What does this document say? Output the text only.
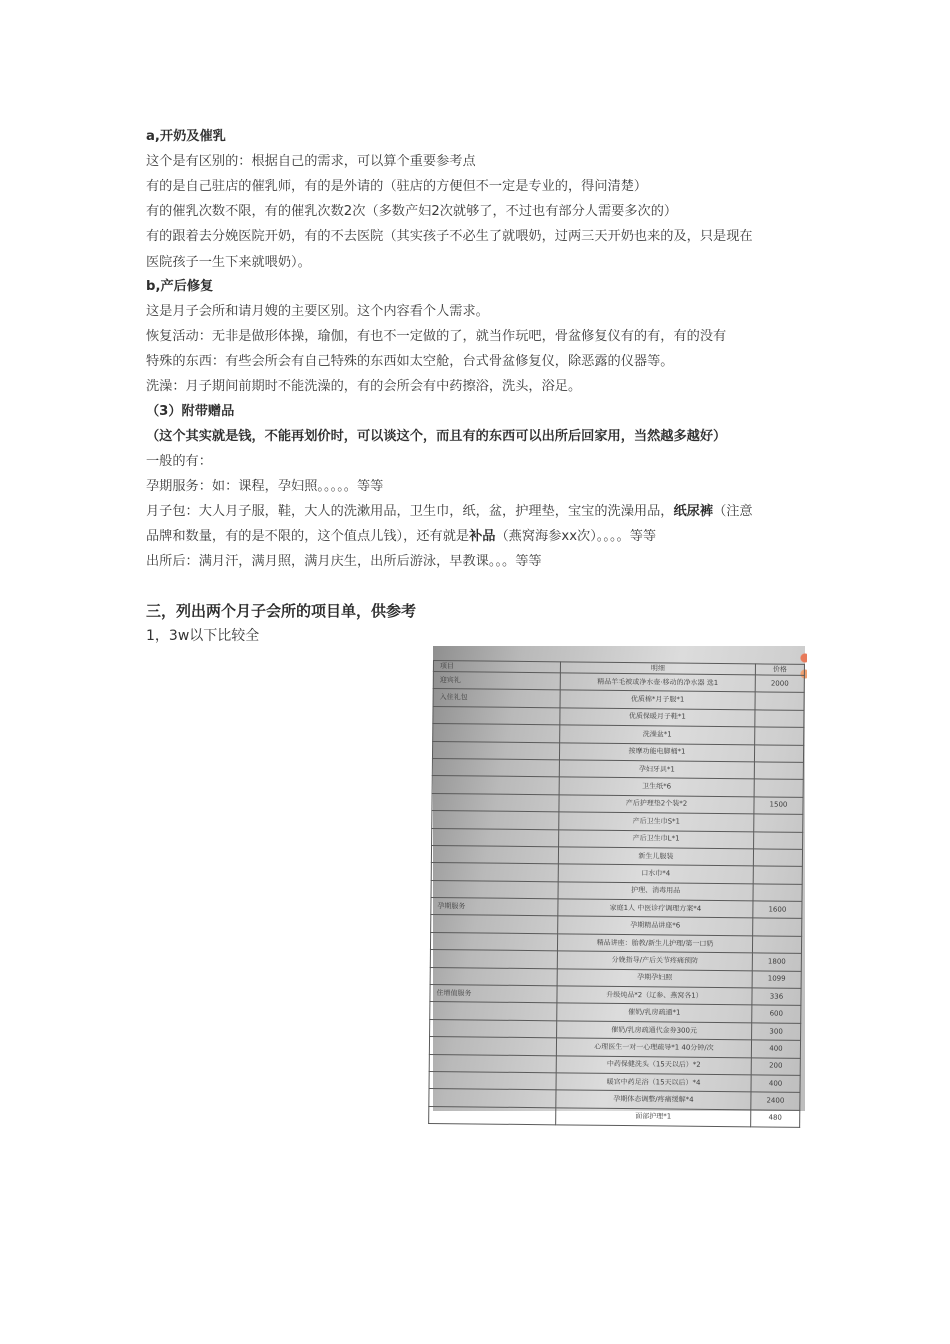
a,开奶及催乳
这个是有区别的：根据自己的需求，可以算个重要参考点
有的是自己驻店的催乳师，有的是外请的（驻店的方便但不一定是专业的，得问清楚）
有的催乳次数不限，有的催乳次数2次（多数产妇2次就够了，不过也有部分人需要多次的）
有的跟着去分娩医院开奶，有的不去医院（其实孩子不必生了就喂奶，过两三天开奶也来的及，只是现在
医院孩子一生下来就喂奶）。
b,产后修复
这是月子会所和请月嫂的主要区别。这个内容看个人需求。
恢复活动：无非是做形体操，瑜伽，有也不一定做的了，就当作玩吧，骨盆修复仪有的有，有的没有
特殊的东西：有些会所会有自己特殊的东西如太空舱，台式骨盆修复仪，除恶露的仪器等。
洗澡：月子期间前期时不能洗澡的，有的会所会有中药擦浴，洗头，浴足。
（3）附带赠品
（这个其实就是钱，不能再划价时，可以谈这个，而且有的东西可以出所后回家用，当然越多越好）
一般的有：
孕期服务：如：课程，孕妇照。。。。。等等
月子包：大人月子服，鞋，大人的洗漱用品，卫生巾，纸，盆，护理垫，宝宝的洗澡用品，纸尿裤（注意
品牌和数量，有的是不限的，这个值点儿钱），还有就是补品（燕窝海参xx次）。。。。等等
出所后：满月汗，满月照，满月庆生，出所后游泳，早教课。。。等等
三，列出两个月子会所的项目单，供参考
1，3w以下比较全
项目	明细	价格
迎宾礼	精品羊毛被或净水壶·移动的净水器 选1	2000
入住礼包	优质棉*月子服*1	
	优质保暖月子鞋*1	
	洗澡盆*1	
	按摩功能电脚桶*1	
	孕妇牙具*1	
	卫生纸*6	
	产后护理垫2个装*2	1500
	产后卫生巾S*1	
	产后卫生巾L*1	
	新生儿服装	
	口水巾*4	
	护理、消毒用品	
孕期服务	家庭1人 中医诊疗调理方案*4	1600
	孕期精品讲座*6	
	精品讲座：胎教/新生儿护理/第一口奶	
	分娩指导/产后关节疼痛预防	1800
	孕期孕妇照	1099
住增值服务	升级炖品*2（辽参、燕窝各1）	336
	催奶/乳房疏通*1	600
	催奶/乳房疏通代金券300元	300
	心理医生一对一心理疏导*1 40分钟/次	400
	中药保健洗头（15天以后）*2	200
	暖宫中药足浴（15天以后）*4	400
	孕期体态调整/疼痛缓解*4	2400
	面部护理*1	480
